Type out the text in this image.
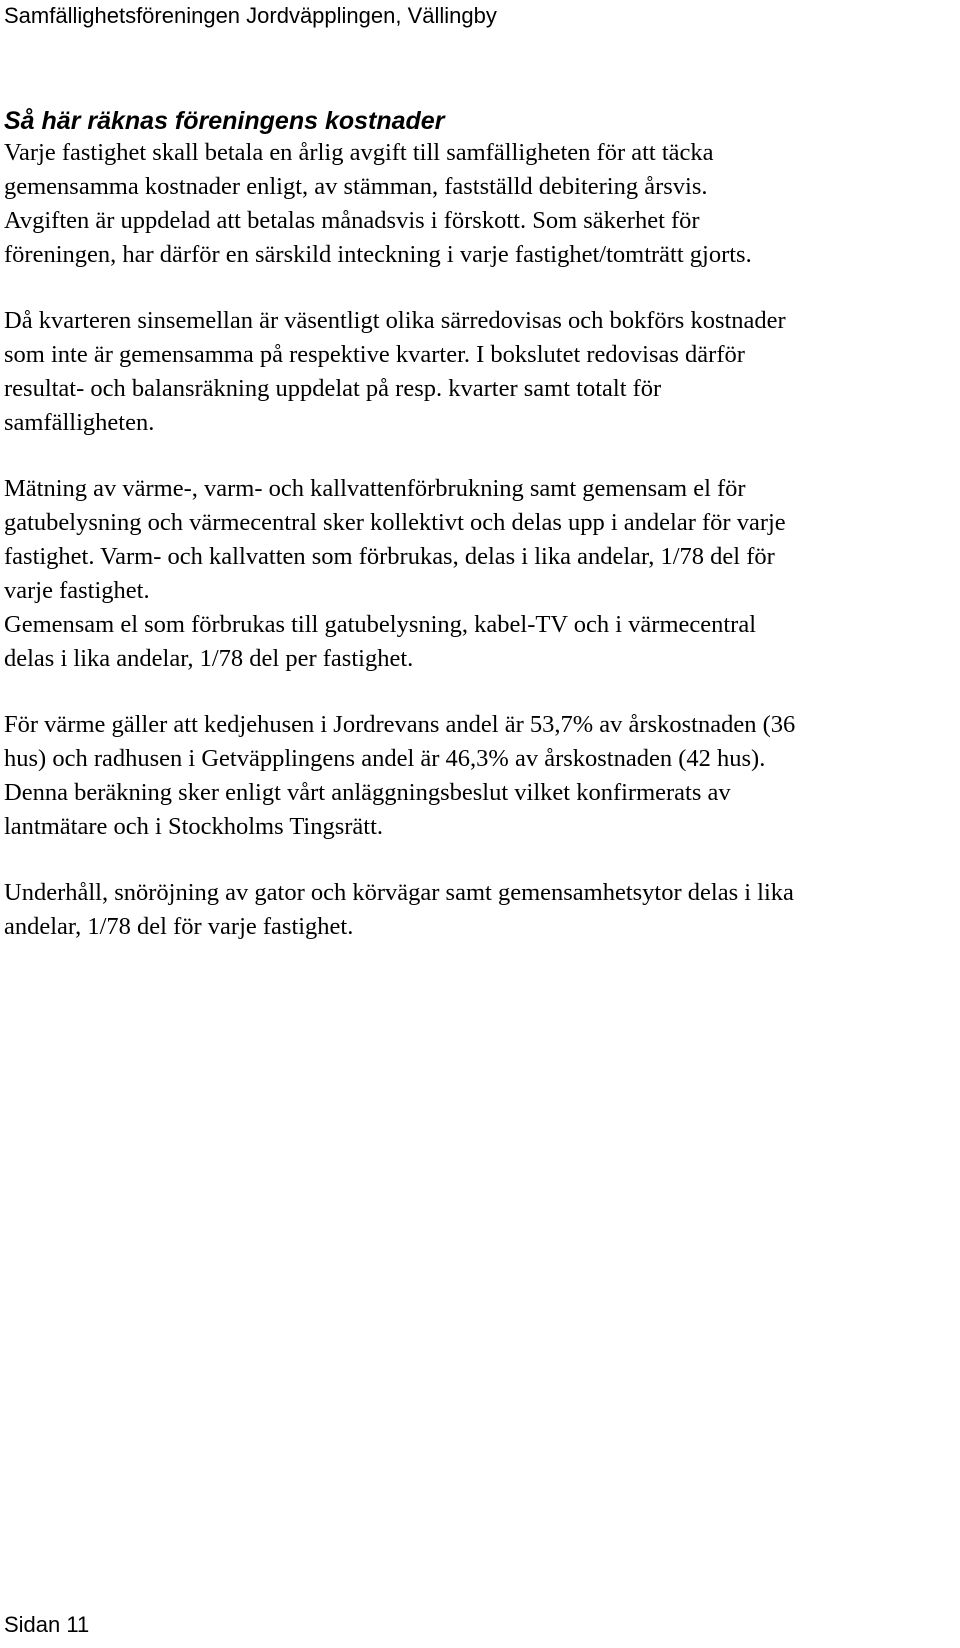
Samfällighetsföreningen Jordväpplingen, Vällingby
Så här räknas föreningens kostnader

Varje fastighet skall betala en årlig avgift till samfälligheten för att täcka
gemensamma kostnader enligt, av stämman, fastställd debitering årsvis.
Avgiften är uppdelad att betalas månadsvis i förskott. Som säkerhet för
föreningen, har därför en särskild inteckning i varje fastighet/tomträtt gjorts.

Då kvarteren sinsemellan är väsentligt olika särredovisas och bokförs kostnader
som inte är gemensamma på respektive kvarter. I bokslutet redovisas därför
resultat- och balansräkning uppdelat på resp. kvarter samt totalt för
samfälligheten.

Mätning av värme-, varm- och kallvattenförbrukning samt gemensam el för
gatubelysning och värmecentral sker kollektivt och delas upp i andelar för varje
fastighet. Varm- och kallvatten som förbrukas, delas i lika andelar, 1/78 del för
varje fastighet.
Gemensam el som förbrukas till gatubelysning, kabel-TV och i värmecentral
delas i lika andelar, 1/78 del per fastighet.

För värme gäller att kedjehusen i Jordrevans andel är 53,7% av årskostnaden (36
hus) och radhusen i Getväpplingens andel är 46,3% av årskostnaden (42 hus).
Denna beräkning sker enligt vårt anläggningsbeslut vilket konfirmerats av
lantmätare och i Stockholms Tingsrätt.

Underhåll, snöröjning av gator och körvägar samt gemensamhetsytor delas i lika
andelar, 1/78 del för varje fastighet.

Sidan 11
